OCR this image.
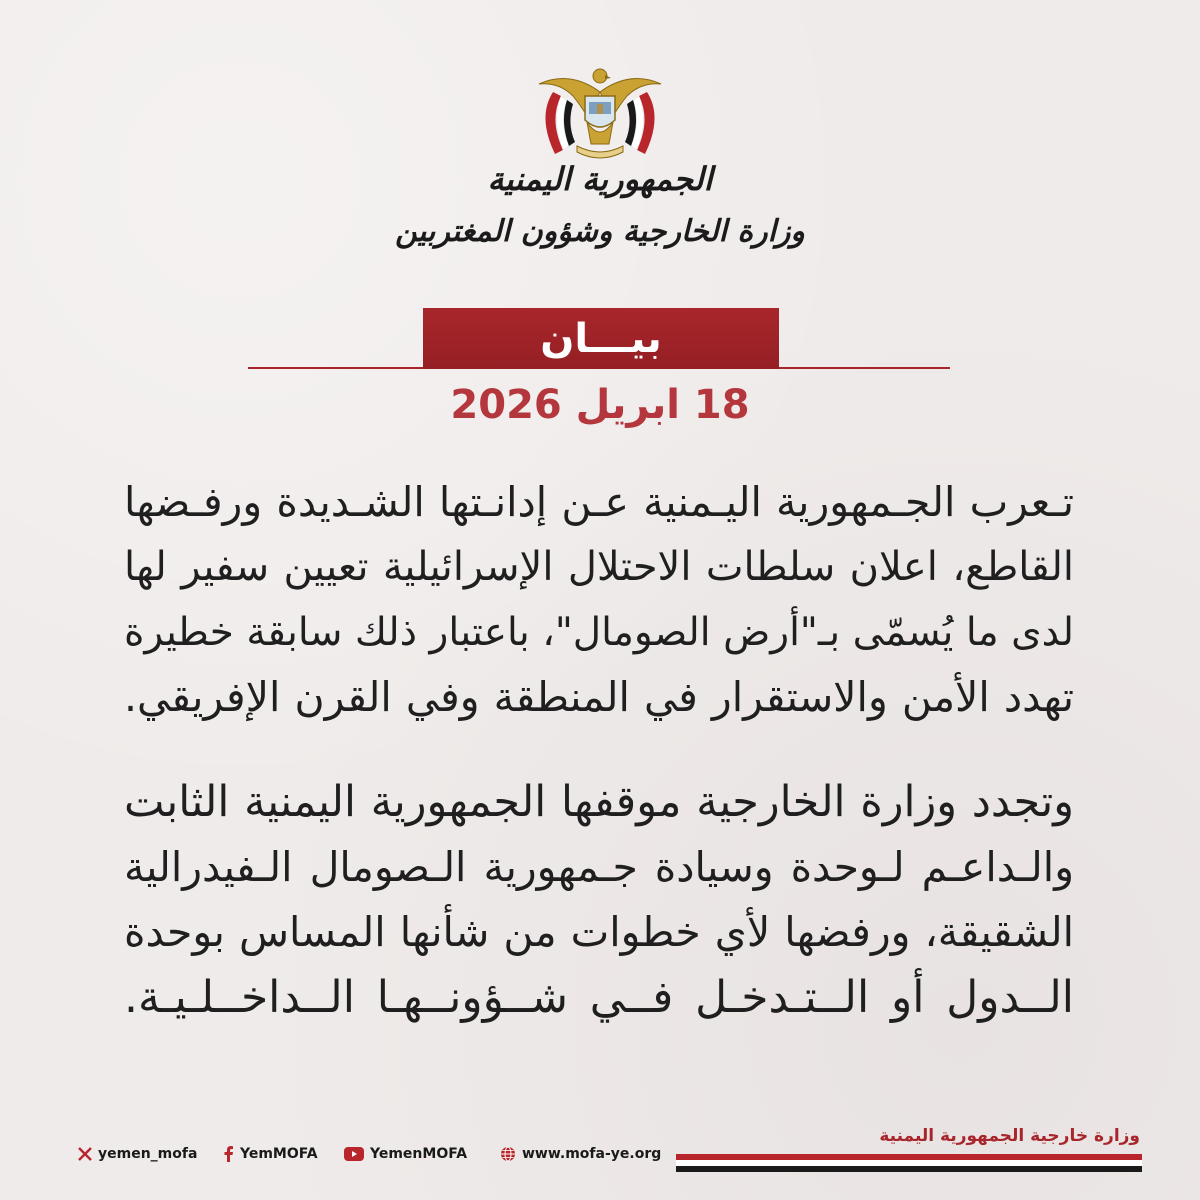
الجمهورية اليمنية
وزارة الخارجية وشؤون المغتربين
بيـــان
18 ابريل 2026
تـعرب الجـمهورية اليـمنية عـن إدانـتها الشـديدة ورفـضها
القاطع، اعلان سلطات الاحتلال الإسرائيلية تعيين سفير لها
لدى ما يُسمّى بـ"أرض الصومال"، باعتبار ذلك سابقة خطيرة
تهدد الأمن والاستقرار في المنطقة وفي القرن الإفريقي.
وتجدد وزارة الخارجية موقفها الجمهورية اليمنية الثابت
والـداعـم لـوحدة وسيادة جـمهورية الـصومال الـفيدرالية
الشقيقة، ورفضها لأي خطوات من شأنها المساس بوحدة
الــدول أو الــتـدخـل فــي شــؤونــهـا الــداخــلـيـة.
yemen_mofa	YemMOFA	YemenMOFA	www.mofa-ye.org
وزارة خارجية الجمهورية اليمنية
